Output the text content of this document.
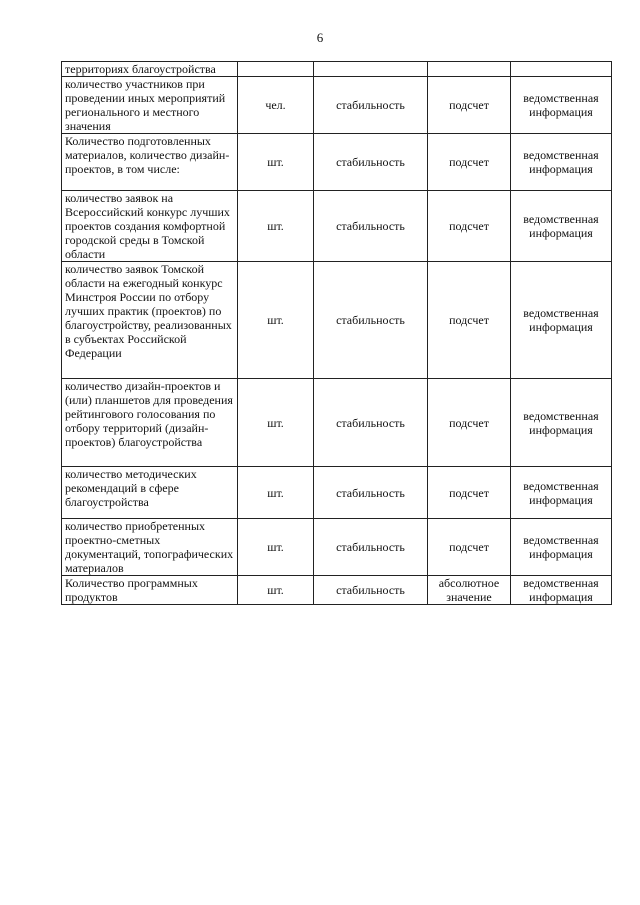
6
территориях благоустройства				

количество участников при проведении иных мероприятий регионального и местного значения	чел.	стабильность	подсчет	ведомственная информация

Количество подготовленных материалов, количество дизайн-проектов, в том числе:	шт.	стабильность	подсчет	ведомственная информация

количество заявок на Всероссийский конкурс лучших проектов создания комфортной городской среды в Томской области	шт.	стабильность	подсчет	ведомственная информация

количество заявок Томской области на ежегодный конкурс Минстроя России по отбору лучших практик (проектов) по благоустройству, реализованных в субъектах Российской Федерации	шт.	стабильность	подсчет	ведомственная информация

количество дизайн-проектов и (или) планшетов для проведения рейтингового голосования по отбору территорий (дизайн-проектов) благоустройства	шт.	стабильность	подсчет	ведомственная информация

количество методических рекомендаций в сфере благоустройства	шт.	стабильность	подсчет	ведомственная информация

количество приобретенных проектно-сметных документаций, топографических материалов	шт.	стабильность	подсчет	ведомственная информация

Количество программных продуктов	шт.	стабильность	абсолютное значение	ведомственная информация
